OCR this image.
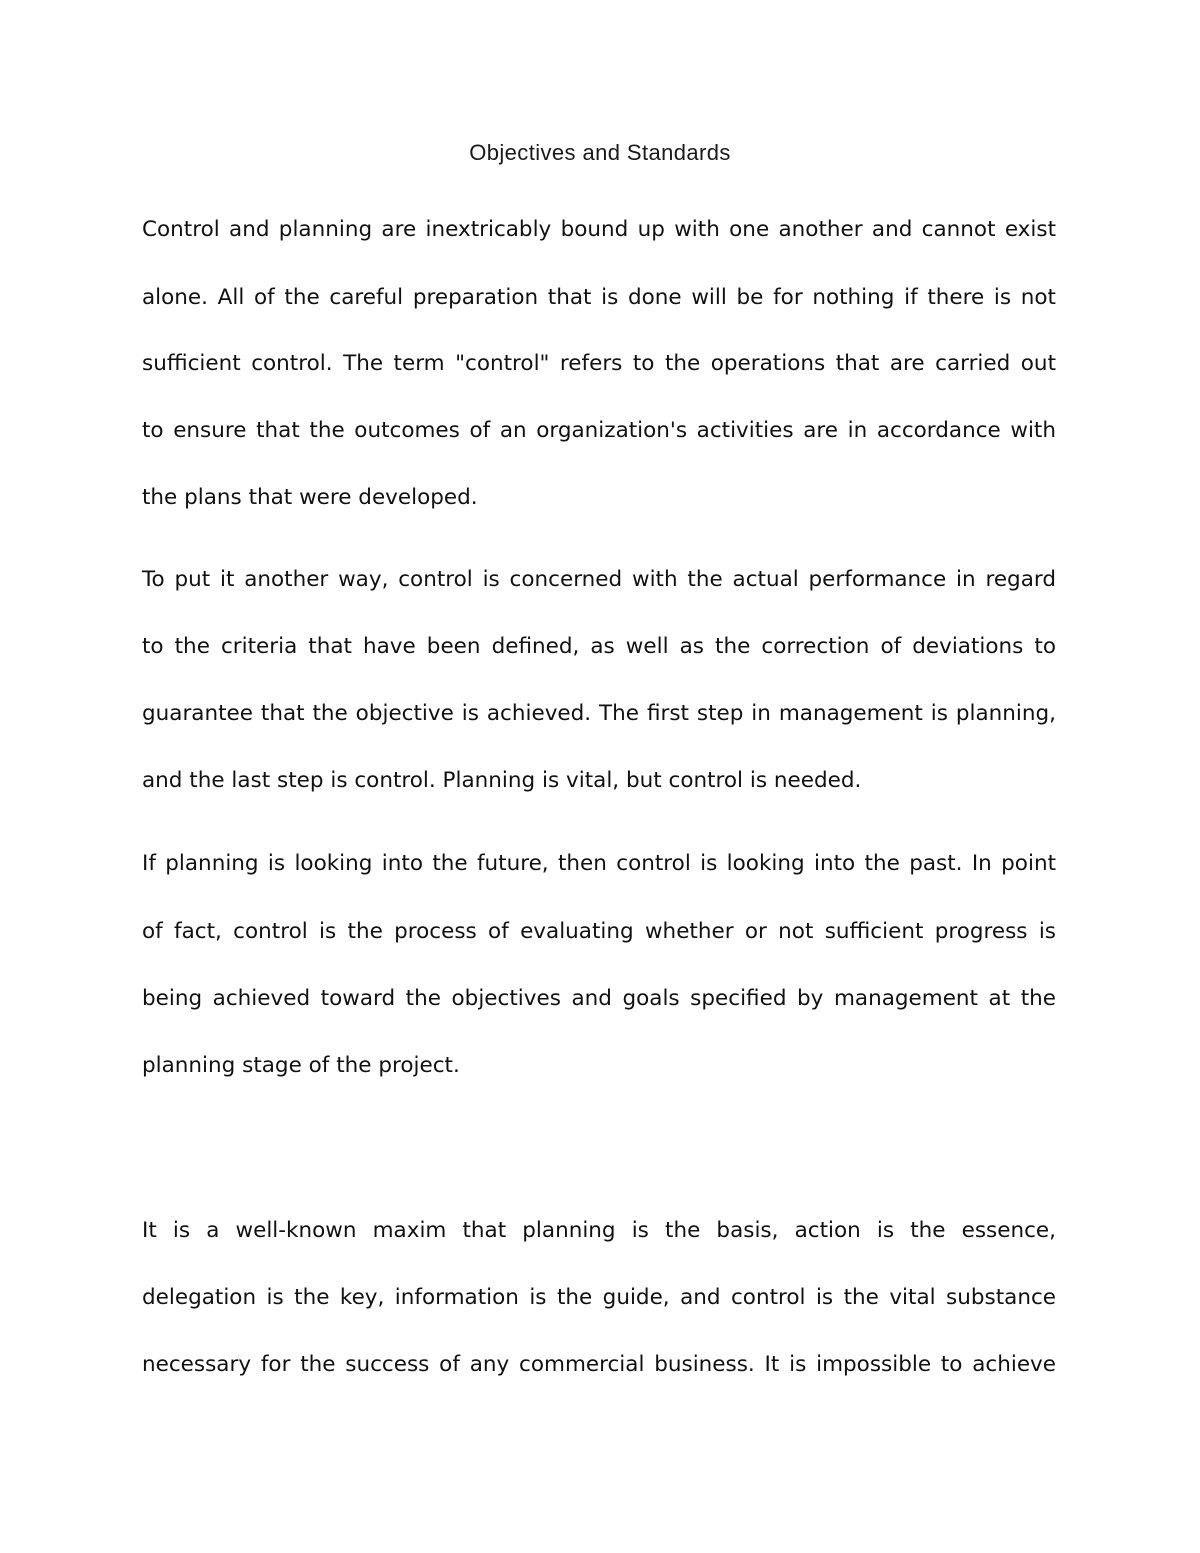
Objectives and Standards
Control and planning are inextricably bound up with one another and cannot exist
alone. All of the careful preparation that is done will be for nothing if there is not
sufficient control. The term "control" refers to the operations that are carried out
to ensure that the outcomes of an organization's activities are in accordance with
the plans that were developed.
To put it another way, control is concerned with the actual performance in regard
to the criteria that have been defined, as well as the correction of deviations to
guarantee that the objective is achieved. The first step in management is planning,
and the last step is control. Planning is vital, but control is needed.
If planning is looking into the future, then control is looking into the past. In point
of fact, control is the process of evaluating whether or not sufficient progress is
being achieved toward the objectives and goals specified by management at the
planning stage of the project.
It is a well-known maxim that planning is the basis, action is the essence,
delegation is the key, information is the guide, and control is the vital substance
necessary for the success of any commercial business. It is impossible to achieve
